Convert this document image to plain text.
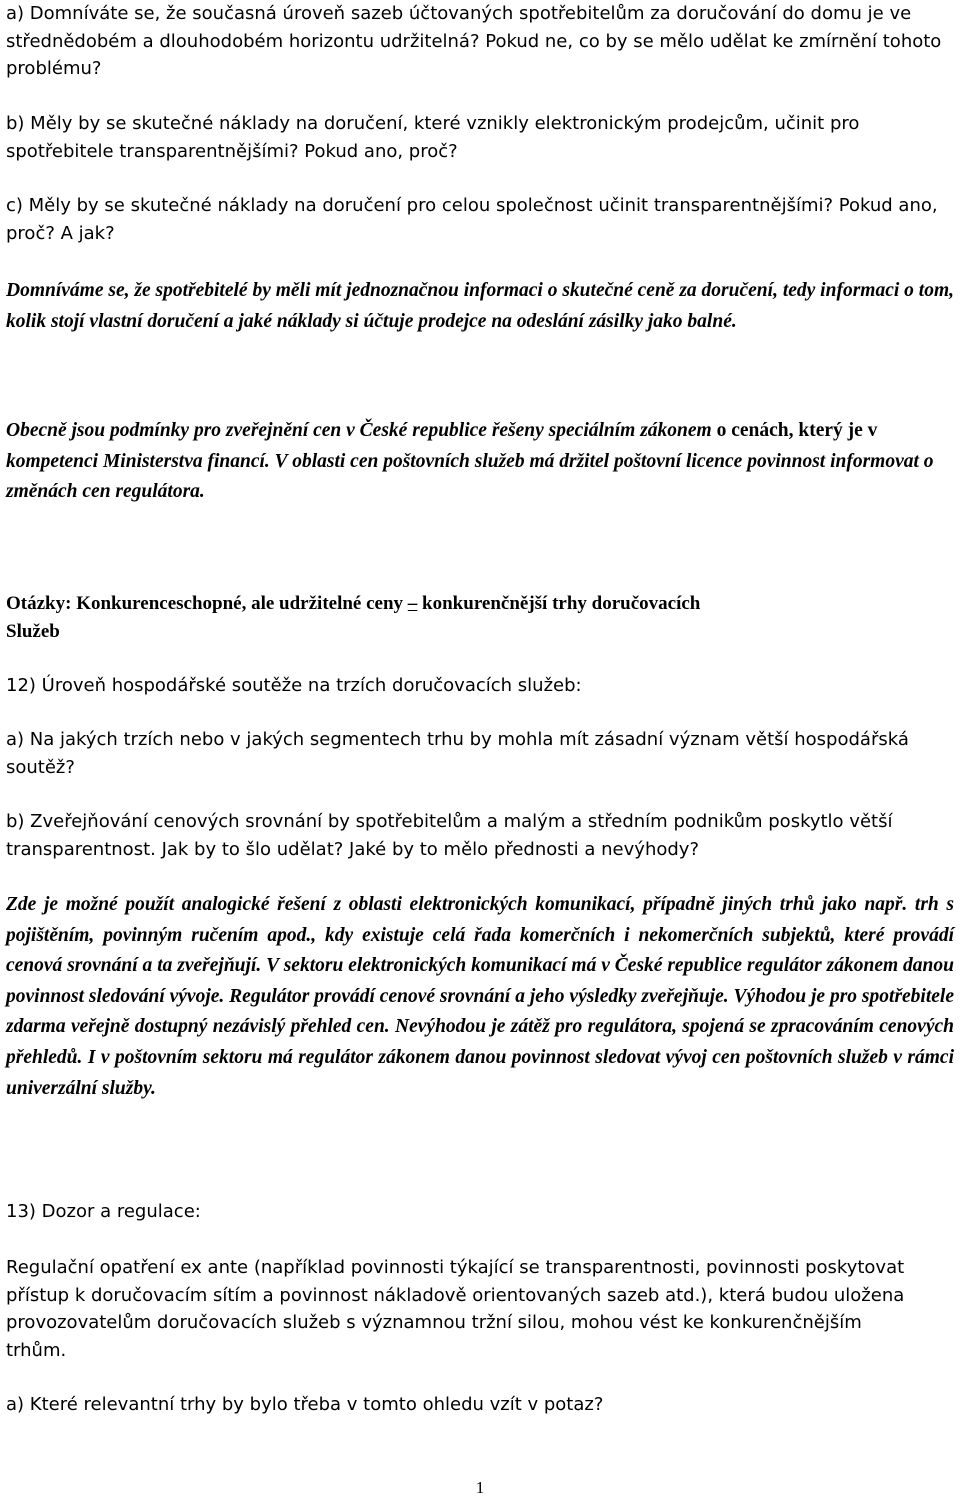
a) Domníváte se, že současná úroveň sazeb účtovaných spotřebitelům za doručování do domu je ve střednědobém a dlouhodobém horizontu udržitelná? Pokud ne, co by se mělo udělat ke zmírnění tohoto problému?

b) Měly by se skutečné náklady na doručení, které vznikly elektronickým prodejcům, učinit pro spotřebitele transparentnějšími? Pokud ano, proč?

c) Měly by se skutečné náklady na doručení pro celou společnost učinit transparentnějšími? Pokud ano, proč? A jak?

Domníváme se, že spotřebitelé by měli mít jednoznačnou informaci o skutečné ceně za doručení, tedy informaci o tom, kolik stojí vlastní doručení a jaké náklady si účtuje prodejce na odeslání zásilky jako balné.

Obecně jsou podmínky pro zveřejnění cen v České republice řešeny speciálním zákonem o cenách, který je v kompetenci Ministerstva financí. V oblasti cen poštovních služeb má držitel poštovní licence povinnost informovat o změnách cen regulátora.

Otázky: Konkurenceschopné, ale udržitelné ceny – konkurenčnější trhy doručovacích
Služeb

12) Úroveň hospodářské soutěže na trzích doručovacích služeb:

a) Na jakých trzích nebo v jakých segmentech trhu by mohla mít zásadní význam větší hospodářská soutěž?

b) Zveřejňování cenových srovnání by spotřebitelům a malým a středním podnikům poskytlo větší transparentnost. Jak by to šlo udělat? Jaké by to mělo přednosti a nevýhody?

Zde je možné použít analogické řešení z oblasti elektronických komunikací, případně jiných trhů jako např. trh s pojištěním, povinným ručením apod., kdy existuje celá řada komerčních i nekomerčních subjektů, které provádí cenová srovnání a ta zveřejňují. V sektoru elektronických komunikací má v České republice regulátor zákonem danou povinnost sledování vývoje. Regulátor provádí cenové srovnání a jeho výsledky zveřejňuje. Výhodou je pro spotřebitele zdarma veřejně dostupný nezávislý přehled cen. Nevýhodou je zátěž pro regulátora, spojená se zpracováním cenových přehledů. I v poštovním sektoru má regulátor zákonem danou povinnost sledovat vývoj cen poštovních služeb v rámci univerzální služby.

13) Dozor a regulace:

Regulační opatření ex ante (například povinnosti týkající se transparentnosti, povinnosti poskytovat přístup k doručovacím sítím a povinnost nákladově orientovaných sazeb atd.), která budou uložena provozovatelům doručovacích služeb s významnou tržní silou, mohou vést ke konkurenčnějším trhům.

a) Které relevantní trhy by bylo třeba v tomto ohledu vzít v potaz?

1
